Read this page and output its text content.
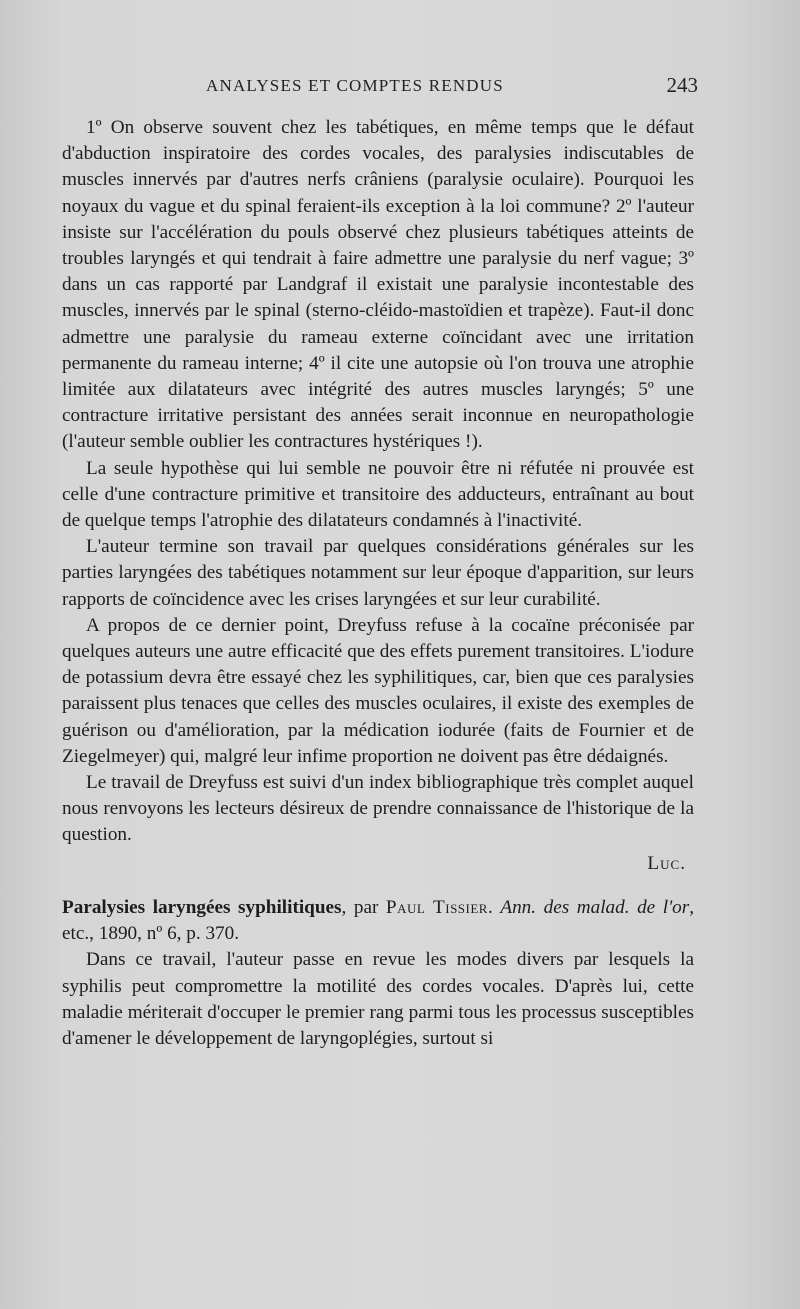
ANALYSES ET COMPTES RENDUS	243

1º On observe souvent chez les tabétiques, en même temps que le défaut d'abduction inspiratoire des cordes vocales, des paralysies indiscutables de muscles innervés par d'autres nerfs crâniens (paralysie oculaire). Pourquoi les noyaux du vague et du spinal feraient-ils exception à la loi commune? 2º l'auteur insiste sur l'accélération du pouls observé chez plusieurs tabétiques atteints de troubles laryngés et qui tendrait à faire admettre une paralysie du nerf vague; 3º dans un cas rapporté par Landgraf il existait une paralysie incontestable des muscles, innervés par le spinal (sterno-cléido-mastoïdien et trapèze). Faut-il donc admettre une paralysie du rameau externe coïncidant avec une irritation permanente du rameau interne; 4º il cite une autopsie où l'on trouva une atrophie limitée aux dilatateurs avec intégrité des autres muscles laryngés; 5º une contracture irritative persistant des années serait inconnue en neuropathologie (l'auteur semble oublier les contractures hystériques !).

La seule hypothèse qui lui semble ne pouvoir être ni réfutée ni prouvée est celle d'une contracture primitive et transitoire des adducteurs, entraînant au bout de quelque temps l'atrophie des dilatateurs condamnés à l'inactivité.

L'auteur termine son travail par quelques considérations générales sur les parties laryngées des tabétiques notamment sur leur époque d'apparition, sur leurs rapports de coïncidence avec les crises laryngées et sur leur curabilité.

A propos de ce dernier point, Dreyfuss refuse à la cocaïne préconisée par quelques auteurs une autre efficacité que des effets purement transitoires. L'iodure de potassium devra être essayé chez les syphilitiques, car, bien que ces paralysies paraissent plus tenaces que celles des muscles oculaires, il existe des exemples de guérison ou d'amélioration, par la médication iodurée (faits de Fournier et de Ziegelmeyer) qui, malgré leur infime proportion ne doivent pas être dédaignés.

Le travail de Dreyfuss est suivi d'un index bibliographique très complet auquel nous renvoyons les lecteurs désireux de prendre connaissance de l'historique de la question.

Luc.

Paralysies laryngées syphilitiques, par Paul Tissier. Ann. des malad. de l'or, etc., 1890, nº 6, p. 370.

Dans ce travail, l'auteur passe en revue les modes divers par lesquels la syphilis peut compromettre la motilité des cordes vocales. D'après lui, cette maladie mériterait d'occuper le premier rang parmi tous les processus susceptibles d'amener le développement de laryngoplégies, surtout si
